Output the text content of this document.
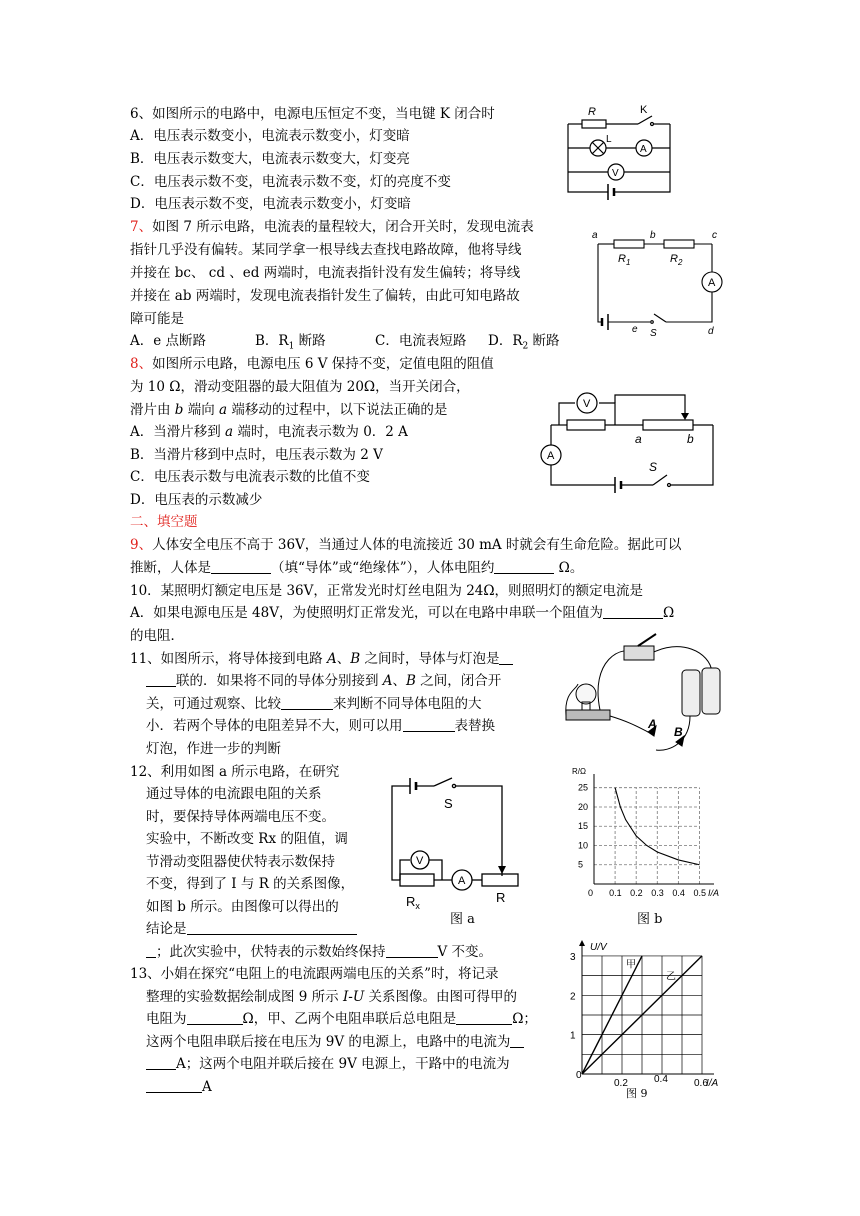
6、如图所示的电路中，电源电压恒定不变，当电键 K 闭合时
A．电压表示数变小，电流表示数变小，灯变暗
B．电压表示数变大，电流表示数变大，灯变亮
C．电压表示数不变，电流表示数不变，灯的亮度不变
D．电压表示数不变，电流表示数变小，灯变暗
R	K
L
A
V
7、如图 7 所示电路，电流表的量程较大，闭合开关时，发现电流表
指针几乎没有偏转。某同学拿一根导线去查找电路故障，他将导线
并接在 bc、 cd 、ed 两端时，电流表指针没有发生偏转；将导线
并接在 ab 两端时，发现电流表指针发生了偏转，由此可知电路故
障可能是
A．e 点断路	B．$R_1$ 断路	C．电流表短路 D．$R_2$ 断路
a	b	c
$R_1$	$R_2$
A
e S	d
8、如图所示电路，电源电压 6 V 保持不变，定值电阻的阻值
为 10 Ω，滑动变阻器的最大阻值为 20Ω，当开关闭合，
滑片由 b 端向 a 端移动的过程中，以下说法正确的是
A．当滑片移到 a 端时，电流表示数为 0．2 A
B．当滑片移到中点时，电压表示数为 2 V
C．电压表示数与电流表示数的比值不变
D．电压表的示数减少
V
A
a	b
S
二、填空题
9、人体安全电压不高于 36V，当通过人体的电流接近 30 mA 时就会有生命危险。据此可以
推断，人体是	（填“导体”或“绝缘体”），人体电阻约	Ω。
10．某照明灯额定电压是 36V，正常发光时灯丝电阻为 24Ω，则照明灯的额定电流是
A．如果电源电压是 48V，为使照明灯正常发光，可以在电路中串联一个阻值为	Ω
的电阻．
11、如图所示，将导体接到电路 A、B 之间时，导体与灯泡是
联的．如果将不同的导体分别接到 A、B 之间，闭合开
关，可通过观察、比较	来判断不同导体电阻的大
小．若两个导体的电阻差异不大，则可以用	表替换
灯泡，作进一步的判断
A
B
12、利用如图 a 所示电路，在研究
通过导体的电流跟电阻的关系
时，要保持导体两端电压不变。
实验中，不断改变 Rx 的阻值，调
节滑动变阻器使伏特表示数保持
不变，得到了 I 与 R 的关系图像，
如图 b 所示。由图像可以得出的
结论是
；此次实验中，伏特表的示数始终保持	V 不变。
S
V
A
$R_x$
R
图 a
0 0.1 0.2 0.3 0.4 0.5
5
10
15
20
25
I/A
R/Ω
图 b
13、小娟在探究“电阻上的电流跟两端电压的关系”时，将记录
整理的实验数据绘制成图 9 所示 I-U 关系图像。由图可得甲的
电阻为	Ω，甲、乙两个电阻串联后总电阻是	Ω；
这两个电阻串联后接在电压为 9V 的电源上，电路中的电流为
A；这两个电阻并联后接在 9V 电源上，干路中的电流为
A
0
0.2	0.4	0.6
1
2
3
I/A
U/V
甲
乙
图 9
